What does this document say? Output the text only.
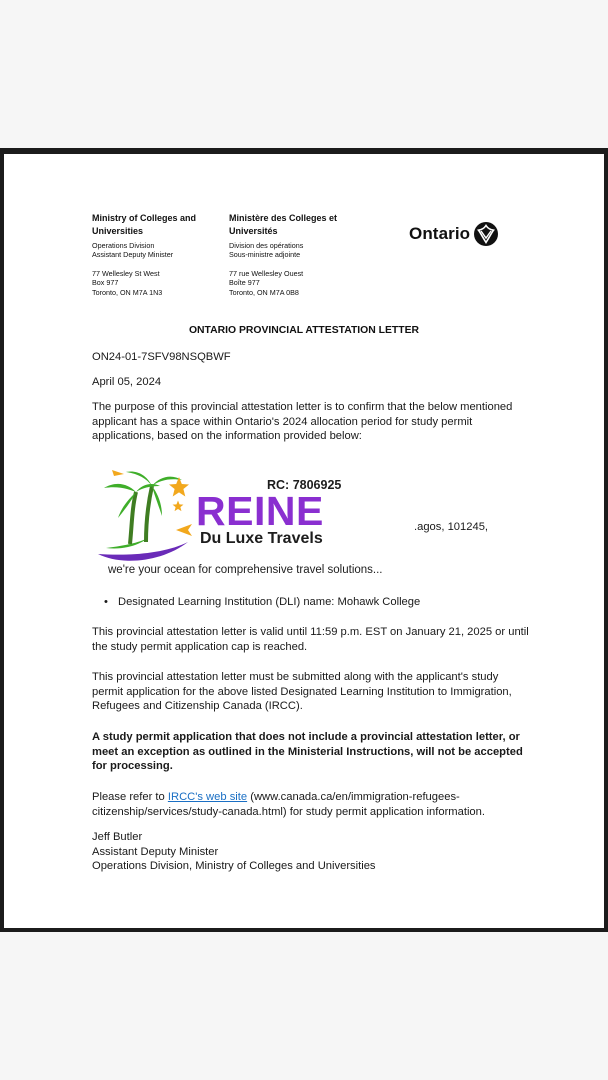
Ministry of Colleges and Universities
Operations Division
Assistant Deputy Minister
77 Wellesley St West
Box 977
Toronto, ON M7A 1N3
Ministère des Colleges et Universités
Division des opérations
Sous-ministre adjointe
77 rue Wellesley Ouest
Boîte 977
Toronto, ON M7A 0B8
Ontario
ONTARIO PROVINCIAL ATTESTATION LETTER
ON24-01-7SFV98NSQBWF
April 05, 2024
The purpose of this provincial attestation letter is to confirm that the below mentioned applicant has a space within Ontario's 2024 allocation period for study permit applications, based on the information provided below:
.agos, 101245,
RC: 7806925
REINE
Du Luxe Travels
we're your ocean for comprehensive travel solutions...
• Designated Learning Institution (DLI) name: Mohawk College
This provincial attestation letter is valid until 11:59 p.m. EST on January 21, 2025 or until the study permit application cap is reached.
This provincial attestation letter must be submitted along with the applicant's study permit application for the above listed Designated Learning Institution to Immigration, Refugees and Citizenship Canada (IRCC).
A study permit application that does not include a provincial attestation letter, or meet an exception as outlined in the Ministerial Instructions, will not be accepted for processing.
Please refer to IRCC's web site (www.canada.ca/en/immigration-refugees-citizenship/services/study-canada.html) for study permit application information.
Jeff Butler
Assistant Deputy Minister
Operations Division, Ministry of Colleges and Universities
